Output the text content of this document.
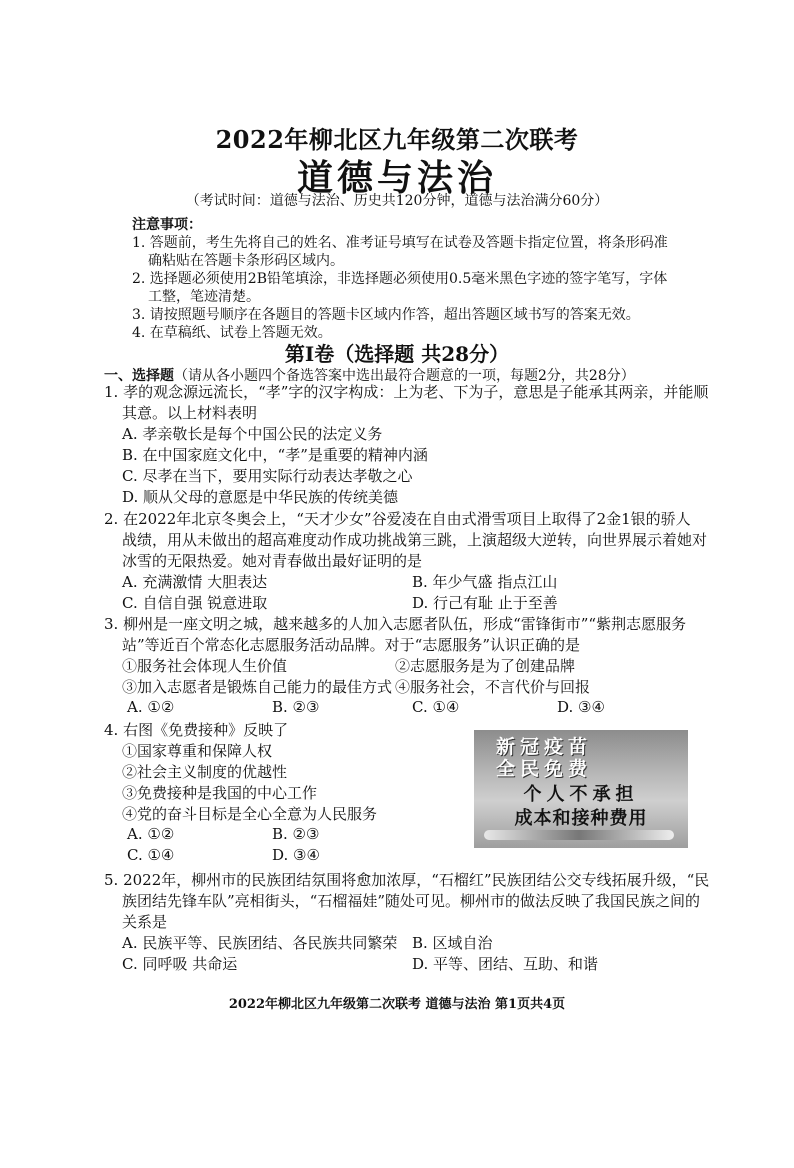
2022年柳北区九年级第二次联考
道德与法治
（考试时间：道德与法治、历史共120分钟，道德与法治满分60分）
注意事项：
1. 答题前，考生先将自己的姓名、准考证号填写在试卷及答题卡指定位置，将条形码准
确粘贴在答题卡条形码区域内。
2. 选择题必须使用2B铅笔填涂，非选择题必须使用0.5毫米黑色字迹的签字笔写，字体
工整，笔迹清楚。
3. 请按照题号顺序在各题目的答题卡区域内作答，超出答题区域书写的答案无效。
4. 在草稿纸、试卷上答题无效。
第Ⅰ卷（选择题 共28分）
一、选择题（请从各小题四个备选答案中选出最符合题意的一项，每题2分，共28分）
1. 孝的观念源远流长，“孝”字的汉字构成：上为老、下为子，意思是子能承其两亲，并能顺
其意。以上材料表明
A. 孝亲敬长是每个中国公民的法定义务
B. 在中国家庭文化中，“孝”是重要的精神内涵
C. 尽孝在当下，要用实际行动表达孝敬之心
D. 顺从父母的意愿是中华民族的传统美德
2. 在2022年北京冬奥会上，“天才少女”谷爱凌在自由式滑雪项目上取得了2金1银的骄人
战绩，用从未做出的超高难度动作成功挑战第三跳，上演超级大逆转，向世界展示着她对
冰雪的无限热爱。她对青春做出最好证明的是
A. 充满激情 大胆表达	B. 年少气盛 指点江山
C. 自信自强 锐意进取	D. 行己有耻 止于至善
3. 柳州是一座文明之城，越来越多的人加入志愿者队伍，形成“雷锋街市”“紫荆志愿服务
站”等近百个常态化志愿服务活动品牌。对于“志愿服务”认识正确的是
①服务社会体现人生价值	②志愿服务是为了创建品牌
③加入志愿者是锻炼自己能力的最佳方式 ④服务社会，不言代价与回报
A. ①②	B. ②③	C. ①④	D. ③④
4. 右图《免费接种》反映了
①国家尊重和保障人权
②社会主义制度的优越性
③免费接种是我国的中心工作
④党的奋斗目标是全心全意为人民服务
A. ①②	B. ②③
C. ①④	D. ③④
新冠疫苗
全民免费
个人不承担
成本和接种费用
5. 2022年，柳州市的民族团结氛围将愈加浓厚，“石榴红”民族团结公交专线拓展升级，“民
族团结先锋车队”亮相街头，“石榴福娃”随处可见。柳州市的做法反映了我国民族之间的
关系是
A. 民族平等、民族团结、各民族共同繁荣 B. 区域自治
C. 同呼吸 共命运	D. 平等、团结、互助、和谐
2022年柳北区九年级第二次联考 道德与法治 第1页共4页
